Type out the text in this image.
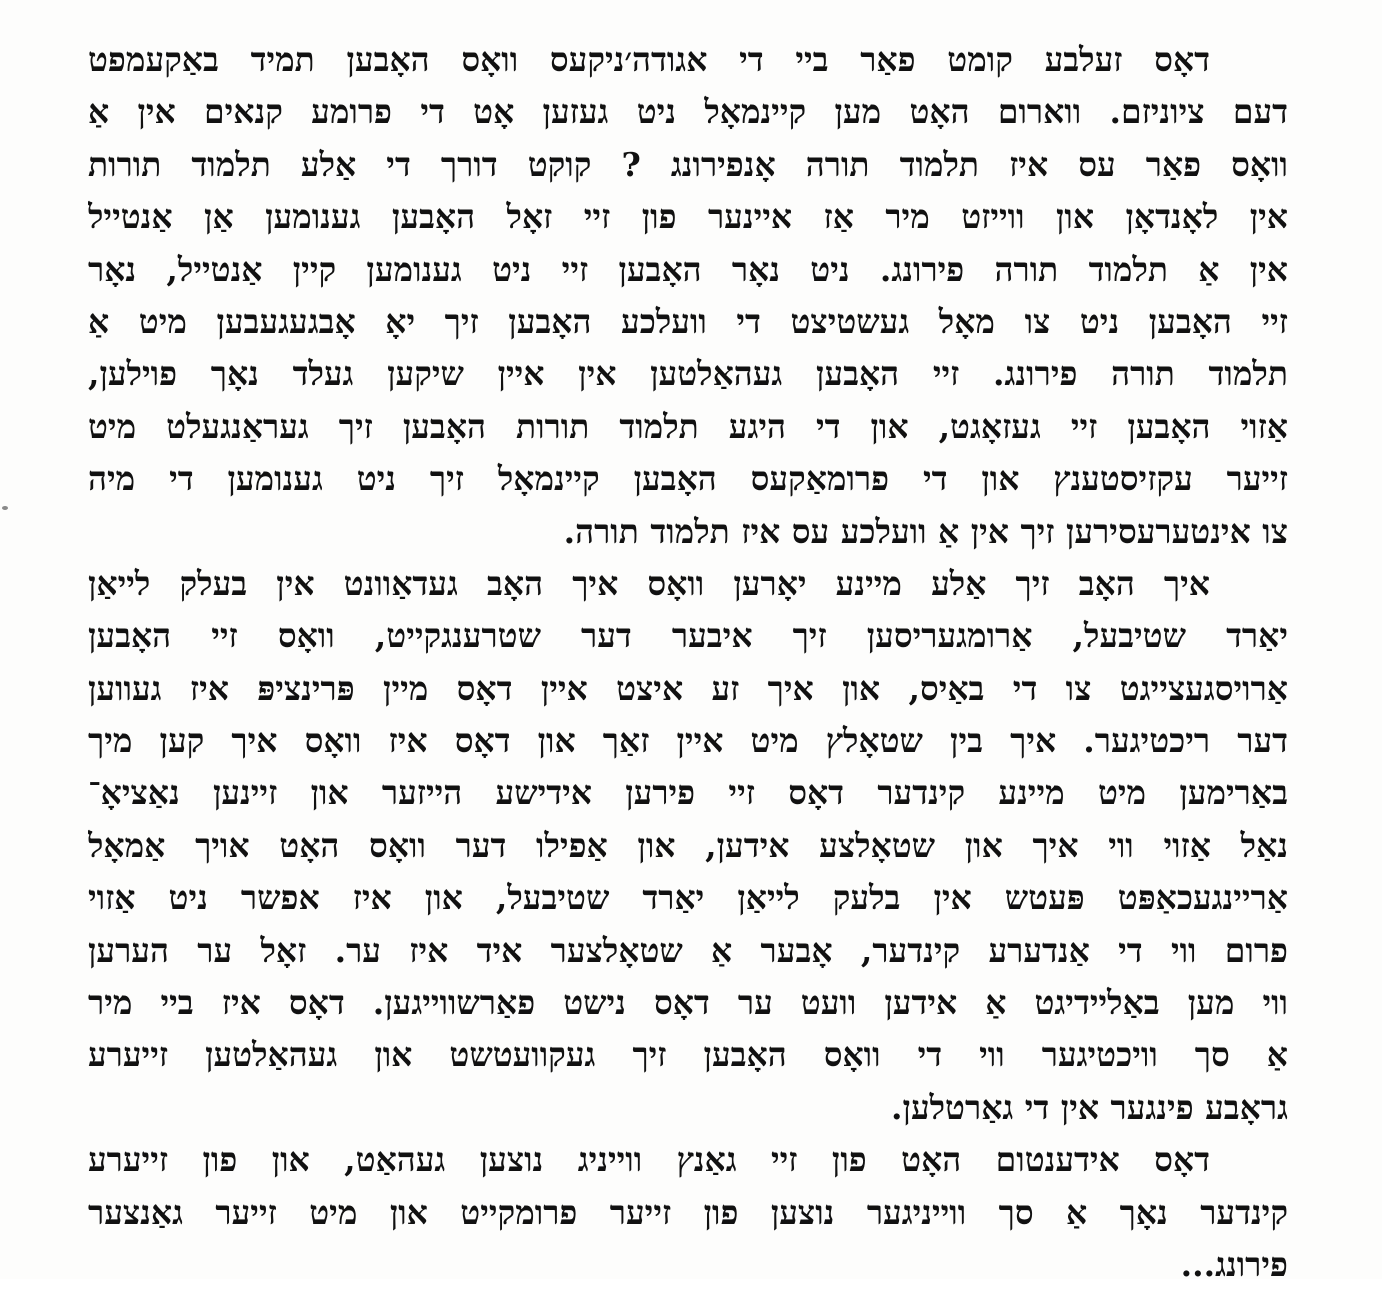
דאָס זעלבע קומט פאַר ביי די אגודה׳ניקעס וואָס האָבען תמיד באַקעמפט
דעם ציוניזם. ווארום האָט מען קיינמאָל ניט געזען אָט די פרומע קנאים אין אַ
וואָס פאַר עס איז תלמוד תורה אָנפירונג ? קוקט דורך די אַלע תלמוד תורות
אין לאָנדאָן און ווייזט מיר אַז איינער פון זיי זאָל האָבען גענומען אַן אַנטייל
אין אַ תלמוד תורה פירונג. ניט נאָר האָבען זיי ניט גענומען קיין אַנטייל, נאָר
זיי האָבען ניט צו מאָל געשטיצט די וועלכע האָבען זיך יאָ אָבגעגעבען מיט אַ
תלמוד תורה פירונג. זיי האָבען געהאַלטען אין איין שיקען געלד נאָך פוילען,
אַזוי האָבען זיי געזאָגט, און די היגע תלמוד תורות האָבען זיך געראַנגעלט מיט
זייער עקזיסטענץ און די פרומאַקעס האָבען קיינמאָל זיך ניט גענומען די מיה
צו אינטערעסירען זיך אין אַ וועלכע עס איז תלמוד תורה.
איך האָב זיך אַלע מיינע יאָרען וואָס איך האָב געדאַוונט אין בעלק לייאַן
יאַרד שטיבעל, אַרומגעריסען זיך איבער דער שטרענגקייט, וואָס זיי האָבען
אַרויסגעצייגט צו די באַיס, און איך זע איצט איין דאָס מיין פּרינציפּ איז געווען
דער ריכטיגער. איך בין שטאָלץ מיט איין זאַך און דאָס איז וואָס איך קען מיך
באַרימען מיט מיינע קינדער דאָס זיי פירען אידישע הייזער און זיינען נאַציאָ־
נאַל אַזוי ווי איך און שטאָלצע אידען, און אַפילו דער וואָס האָט אויך אַמאָל
אַריינגעכאַפּט פּעטש אין בלעק לייאַן יאַרד שטיבעל, און איז אפשר ניט אַזוי
פרום ווי די אַנדערע קינדער, אָבער אַ שטאָלצער איד איז ער. זאָל ער הערען
ווי מען באַליידיגט אַ אידען וועט ער דאָס נישט פאַרשווייגען. דאָס איז ביי מיר
אַ סך וויכטיגער ווי די וואָס האָבען זיך געקוועטשט און געהאַלטען זייערע
גראָבע פינגער אין די גאַרטלען.
דאָס אידענטום האָט פון זיי גאַנץ ווייניג נוצען געהאַט, און פון זייערע
קינדער נאָך אַ סך ווייניגער נוצען פון זייער פרומקייט און מיט זייער גאַנצער
פירונג...
